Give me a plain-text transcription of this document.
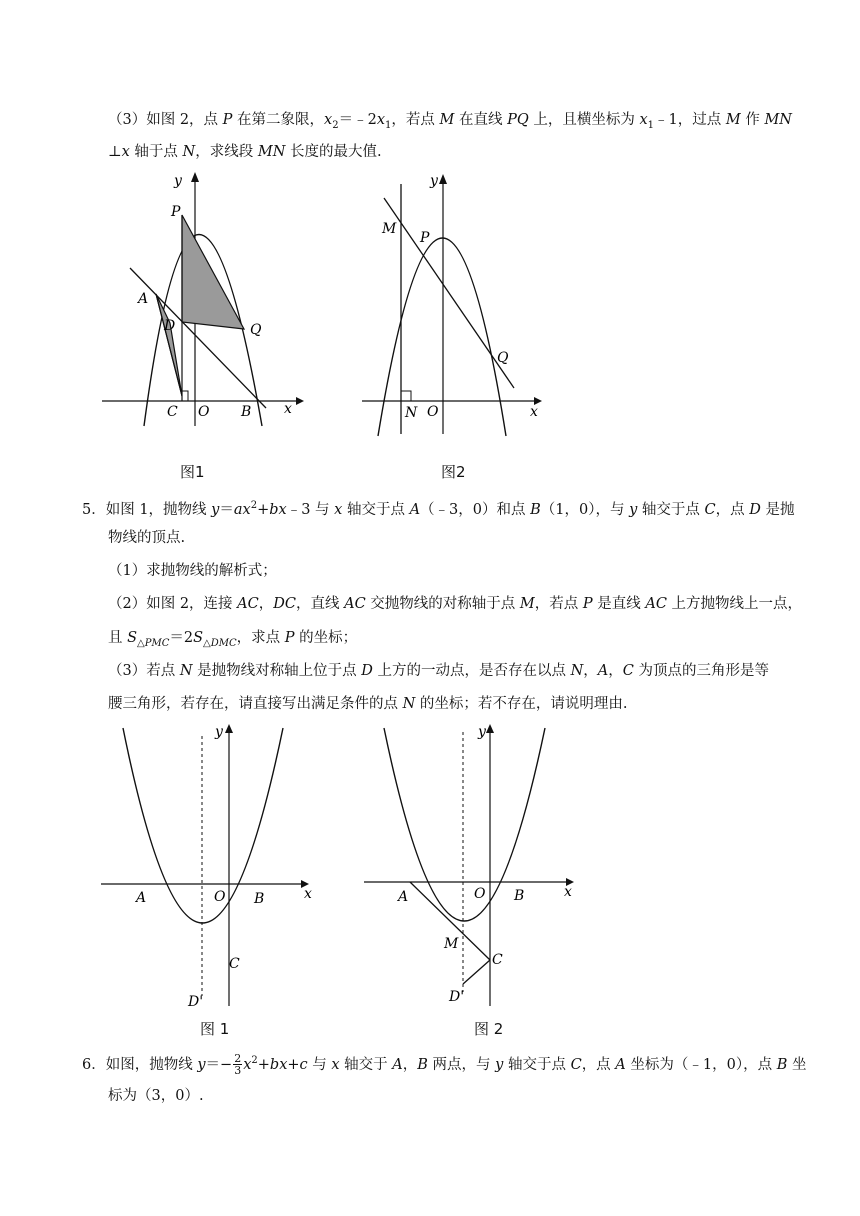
（3）如图 2，点 P 在第二象限，$x_2=﹣2x_1$，若点 M 在直线 PQ 上，且横坐标为 $x_1﹣1$，过点 M 作 MN
⊥x 轴于点 N，求线段 MN 长度的最大值.
y
x
P
A
D	Q
C O B
图1
y
x
M
P
Q
N O
图2
5．如图 1，抛物线 $y=ax^2+bx﹣3$ 与 x 轴交于点 A（﹣3，0）和点 B（1，0），与 y 轴交于点 C，点 D 是抛
物线的顶点.
（1）求抛物线的解析式；
（2）如图 2，连接 AC，DC，直线 AC 交抛物线的对称轴于点 M，若点 P 是直线 AC 上方抛物线上一点，
且 $S_{\triangle PMC}=2S_{\triangle DMC}$，求点 P 的坐标；
（3）若点 N 是抛物线对称轴上位于点 D 上方的一动点，是否存在以点 N，A，C 为顶点的三角形是等
腰三角形，若存在，请直接写出满足条件的点 N 的坐标；若不存在，请说明理由.
y
x
A	O B
C
D'
图 1
y
x
A	O B
M
C
D'
图 2
6．如图，抛物线 $y=- \frac{2}{3} x^2+bx+c$ 与 x 轴交于 A，B 两点，与 y 轴交于点 C，点 A 坐标为（﹣1，0），点 B 坐
标为（3，0）.
